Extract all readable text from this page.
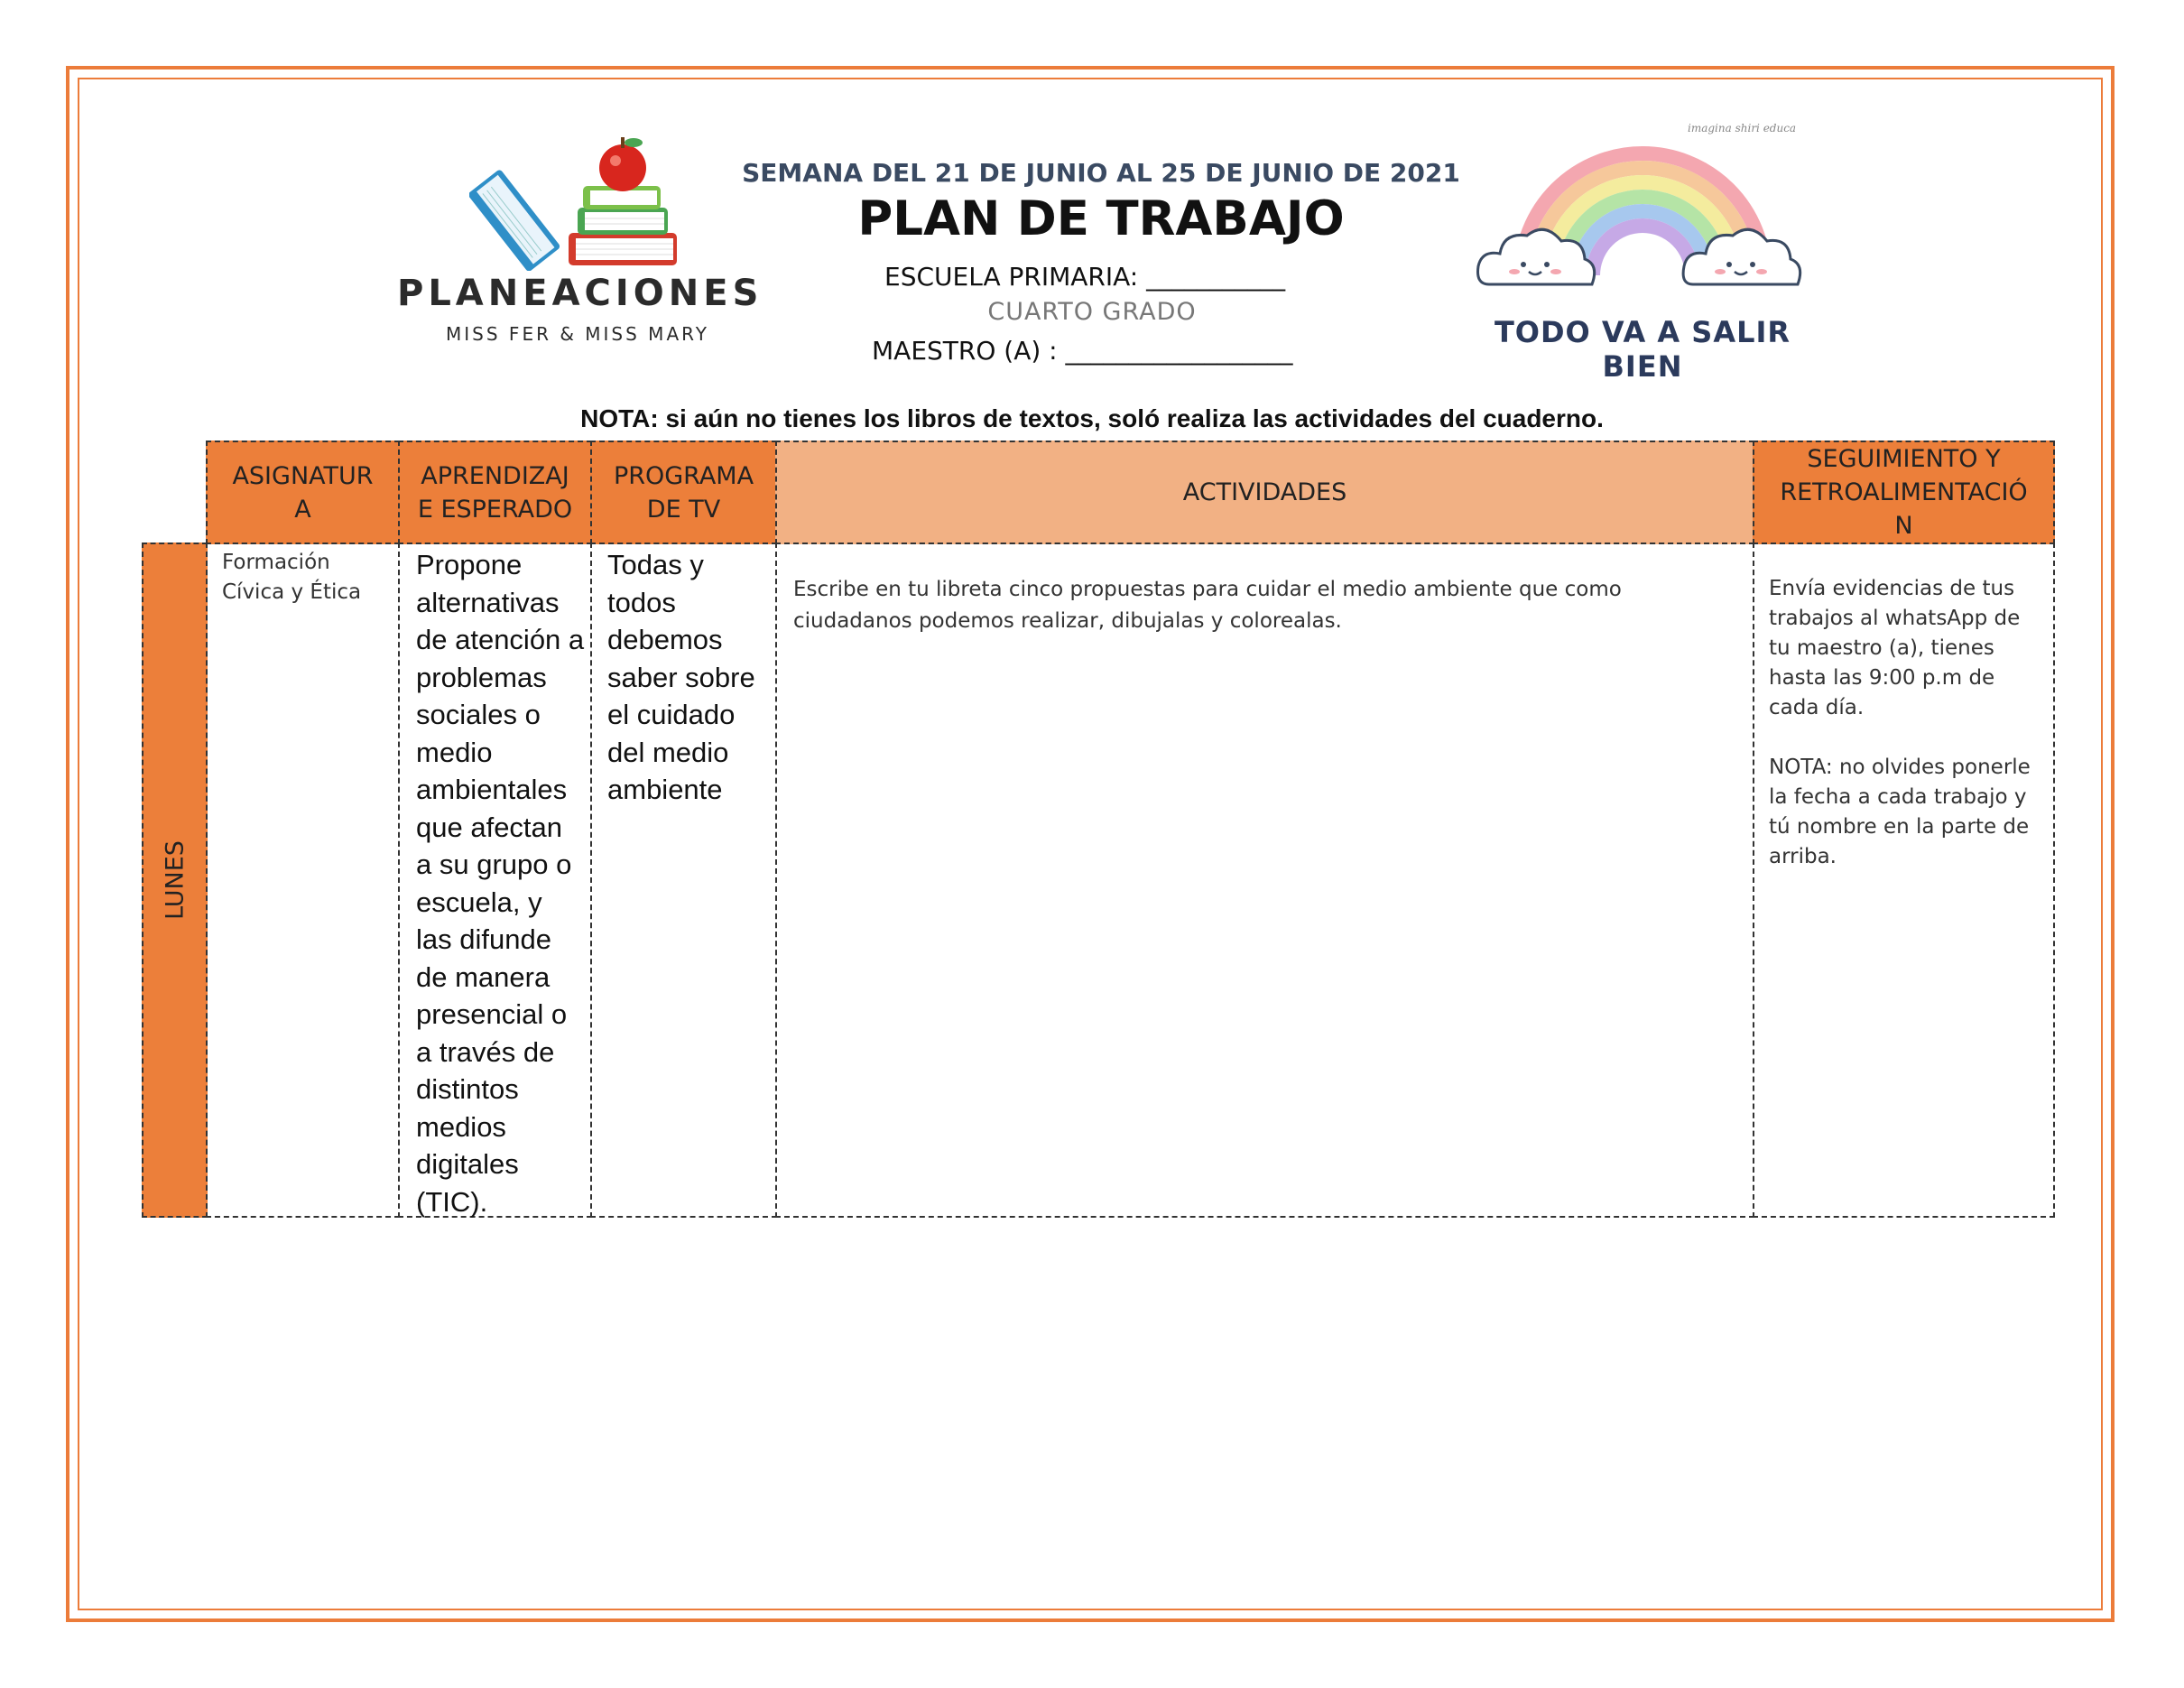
PLANEACIONES
MISS FER & MISS MARY
SEMANA DEL 21 DE JUNIO AL 25 DE JUNIO DE 2021
PLAN DE TRABAJO
ESCUELA PRIMARIA: ___________
CUARTO GRADO
MAESTRO (A) : __________________
imagina shiri educa
TODO VA A SALIR BIEN
NOTA: si aún no tienes los libros de textos, soló realiza las actividades del cuaderno.
ASIGNATUR A
APRENDIZAJ E ESPERADO
PROGRAMA DE TV
ACTIVIDADES
SEGUIMIENTO Y RETROALIMENTACIÓ N
LUNES
Formación Cívica y Ética
Propone alternativas de atención a problemas sociales o medio ambientales que afectan a su grupo o escuela, y las difunde de manera presencial o a través de distintos medios digitales (TIC).
Todas y todos debemos saber sobre el cuidado del medio ambiente
Escribe en tu libreta cinco propuestas para cuidar el medio ambiente que como ciudadanos podemos realizar, dibujalas y colorealas.
Envía evidencias de tus trabajos al whatsApp de tu maestro (a), tienes hasta las 9:00 p.m de cada día.
NOTA: no olvides ponerle la fecha a cada trabajo y tú nombre en la parte de arriba.
